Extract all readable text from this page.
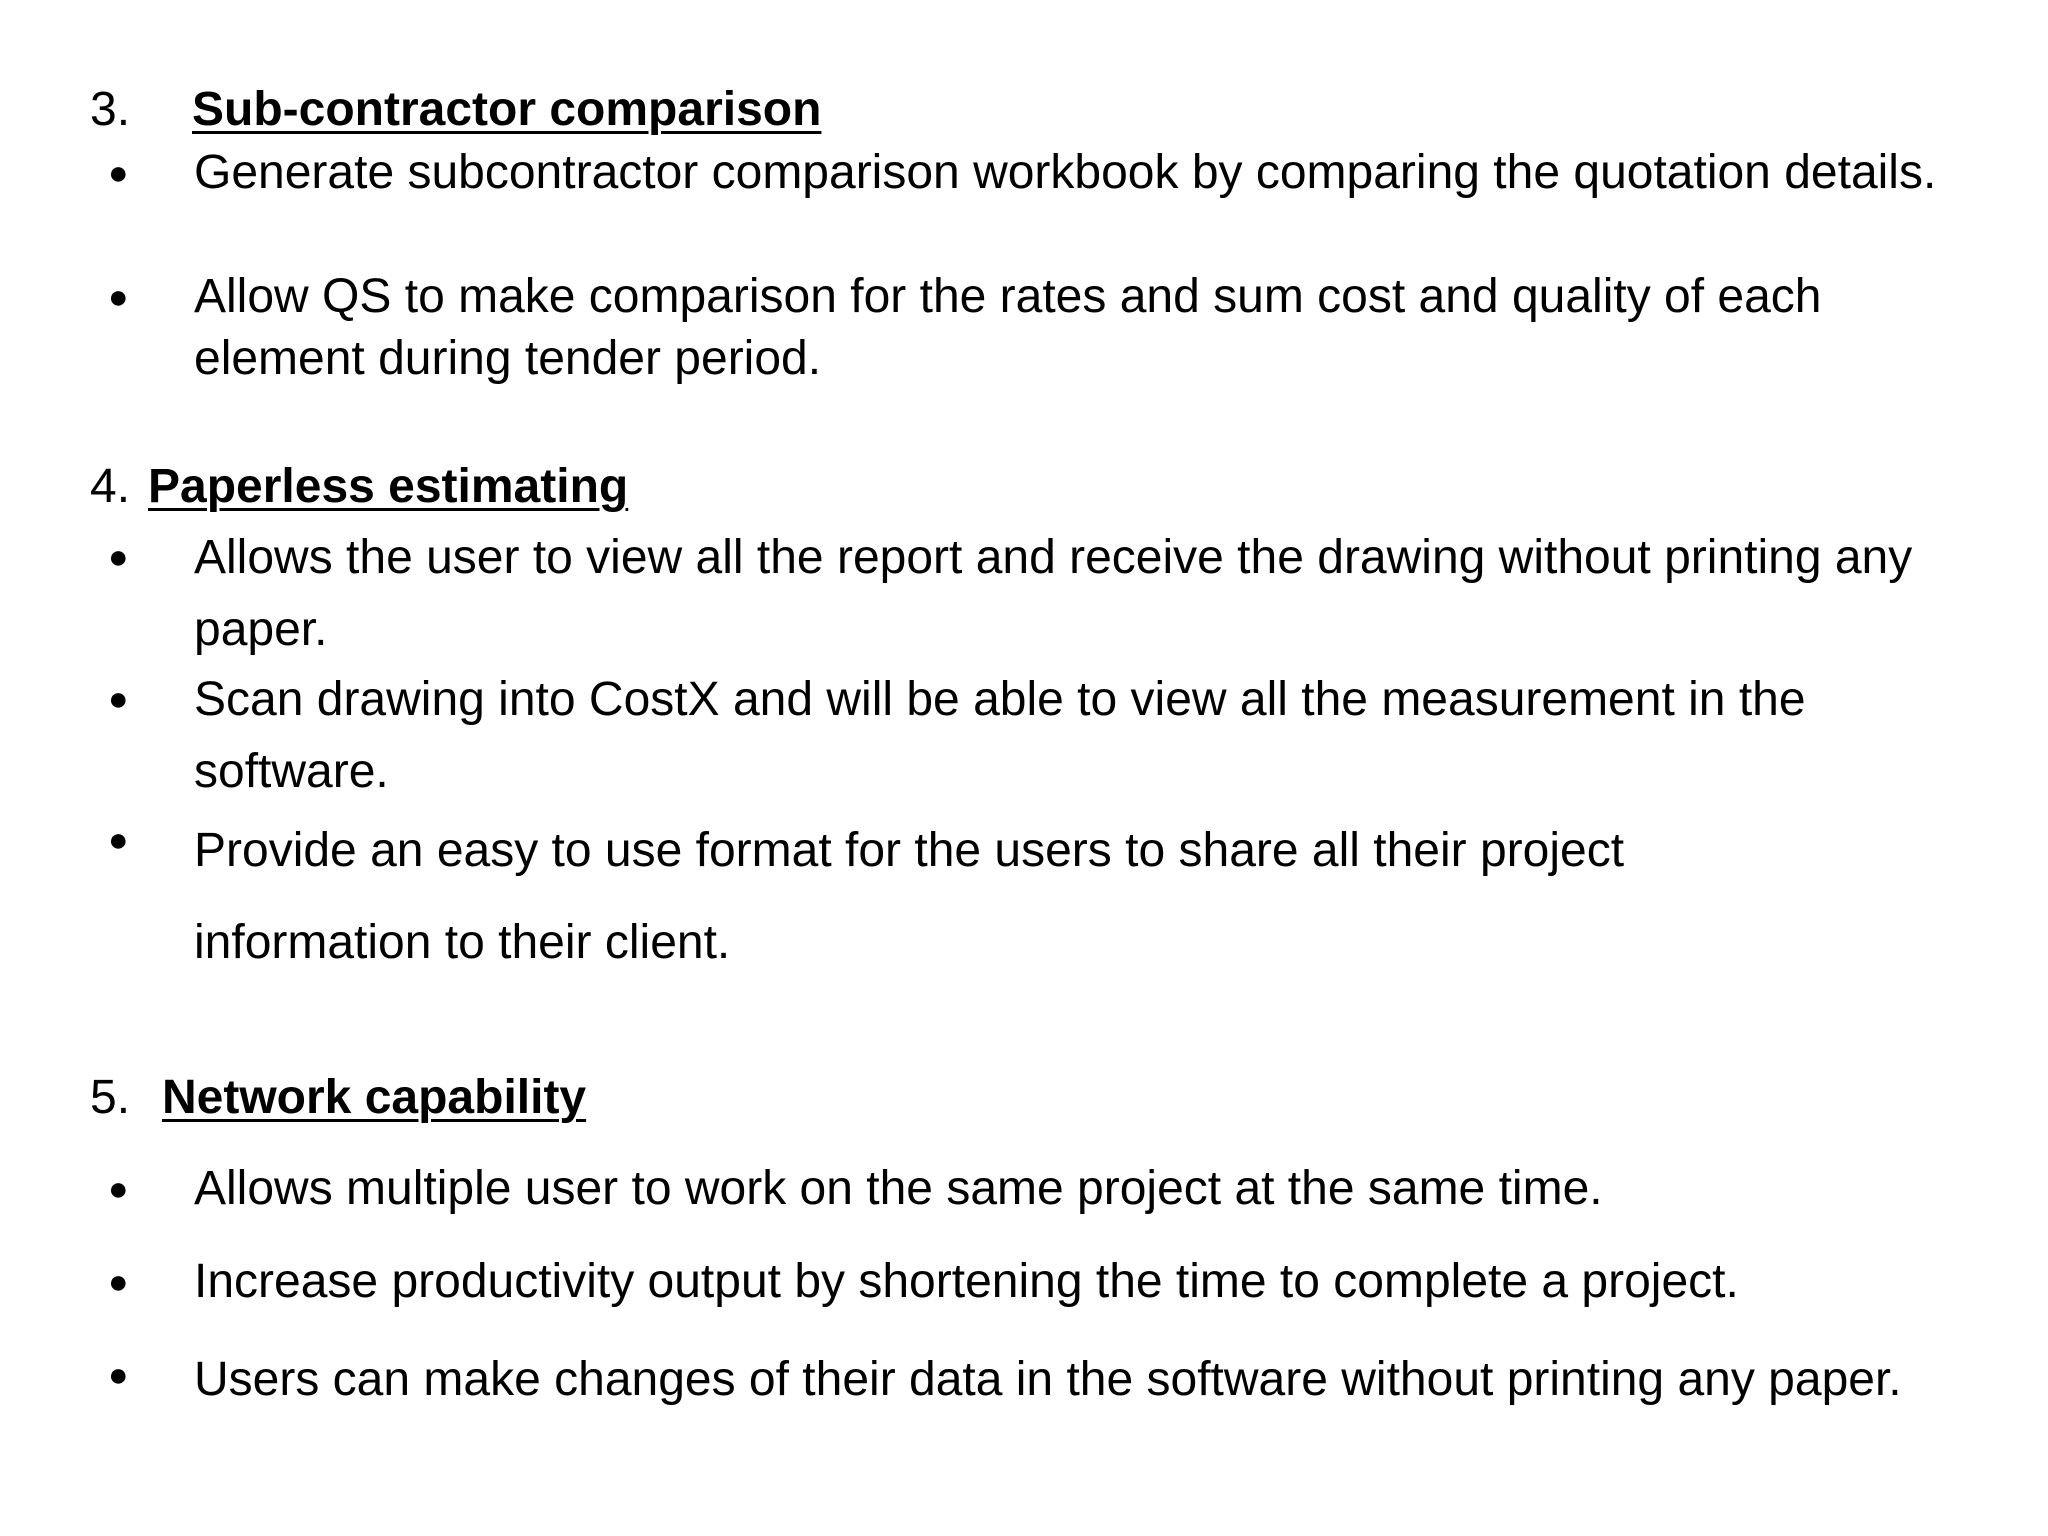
3. Sub-contractor comparison
● Generate subcontractor comparison workbook by comparing the quotation details.
● Allow QS to make comparison for the rates and sum cost and quality of each element during tender period.
4. Paperless estimating
● Allows the user to view all the report and receive the drawing without printing any paper.
● Scan drawing into CostX and will be able to view all the measurement in the software.
● Provide an easy to use format for the users to share all their project information to their client.
5. Network capability
● Allows multiple user to work on the same project at the same time.
● Increase productivity output by shortening the time to complete a project.
● Users can make changes of their data in the software without printing any paper.
